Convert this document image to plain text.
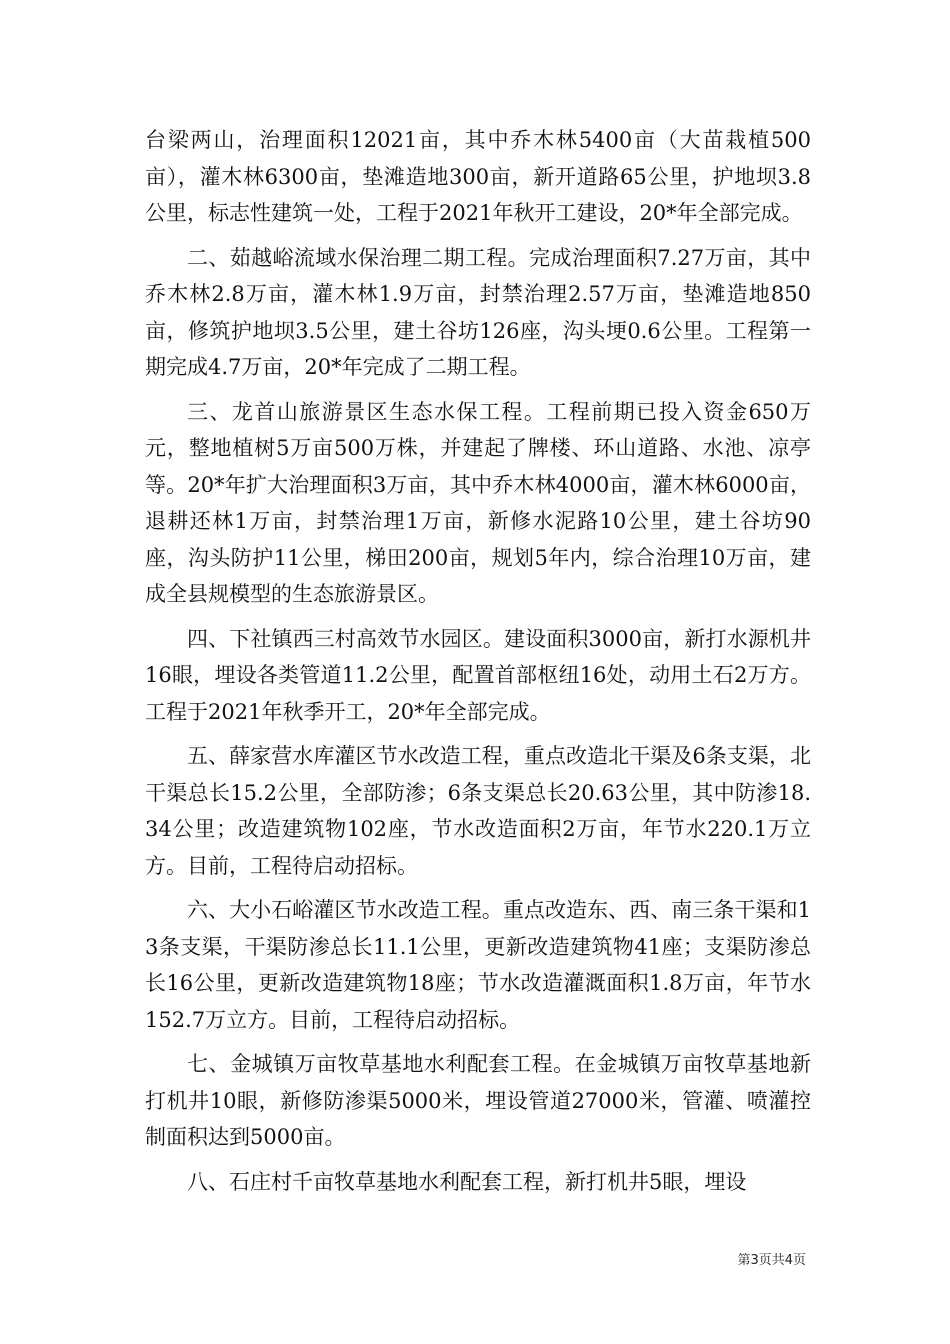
台梁两山，治理面积12021亩，其中乔木林5400亩（大苗栽植500亩），灌木林6300亩，垫滩造地300亩，新开道路65公里，护地坝3.8公里，标志性建筑一处，工程于2021年秋开工建设，20*年全部完成。

二、茹越峪流域水保治理二期工程。完成治理面积7.27万亩，其中乔木林2.8万亩，灌木林1.9万亩，封禁治理2.57万亩，垫滩造地850亩，修筑护地坝3.5公里，建土谷坊126座，沟头埂0.6公里。工程第一期完成4.7万亩，20*年完成了二期工程。

三、龙首山旅游景区生态水保工程。工程前期已投入资金650万元，整地植树5万亩500万株，并建起了牌楼、环山道路、水池、凉亭等。20*年扩大治理面积3万亩，其中乔木林4000亩，灌木林6000亩，退耕还林1万亩，封禁治理1万亩，新修水泥路10公里，建土谷坊90座，沟头防护11公里，梯田200亩，规划5年内，综合治理10万亩，建成全县规模型的生态旅游景区。

四、下社镇西三村高效节水园区。建设面积3000亩，新打水源机井16眼，埋设各类管道11.2公里，配置首部枢纽16处，动用土石2万方。工程于2021年秋季开工，20*年全部完成。

五、薛家营水库灌区节水改造工程，重点改造北干渠及6条支渠，北干渠总长15.2公里，全部防渗；6条支渠总长20.63公里，其中防渗18.34公里；改造建筑物102座，节水改造面积2万亩，年节水220.1万立方。目前，工程待启动招标。

六、大小石峪灌区节水改造工程。重点改造东、西、南三条干渠和13条支渠，干渠防渗总长11.1公里，更新改造建筑物41座；支渠防渗总长16公里，更新改造建筑物18座；节水改造灌溉面积1.8万亩，年节水152.7万立方。目前，工程待启动招标。

七、金城镇万亩牧草基地水利配套工程。在金城镇万亩牧草基地新打机井10眼，新修防渗渠5000米，埋设管道27000米，管灌、喷灌控制面积达到5000亩。

八、石庄村千亩牧草基地水利配套工程，新打机井5眼，埋设

第3页共4页
